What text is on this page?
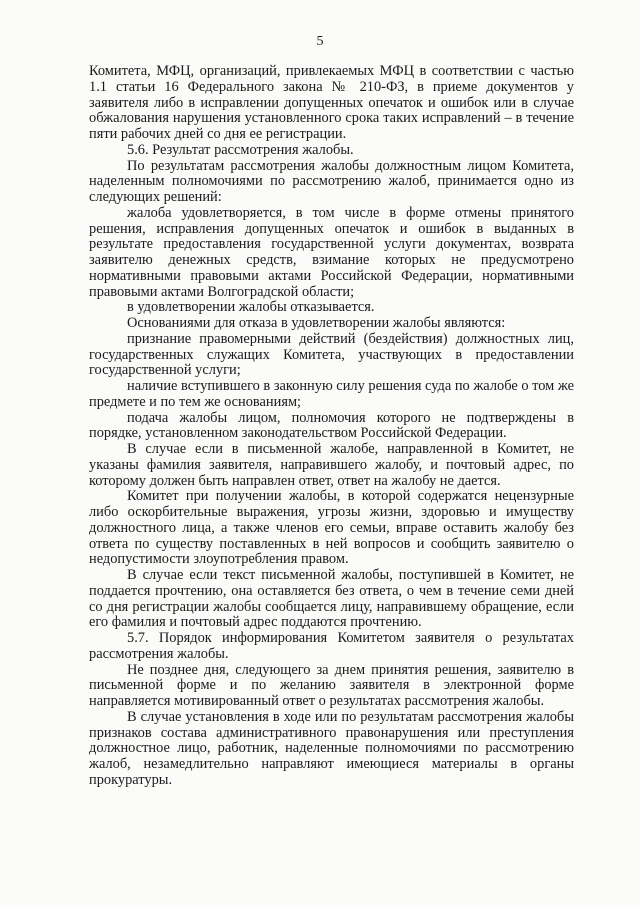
5

Комитета, МФЦ, организаций, привлекаемых МФЦ в соответствии с частью 1.1 статьи 16 Федерального закона № 210-ФЗ, в приеме документов у заявителя либо в исправлении допущенных опечаток и ошибок или в случае обжалования нарушения установленного срока таких исправлений – в течение пяти рабочих дней со дня ее регистрации.

5.6. Результат рассмотрения жалобы.

По результатам рассмотрения жалобы должностным лицом Комитета, наделенным полномочиями по рассмотрению жалоб, принимается одно из следующих решений:

жалоба удовлетворяется, в том числе в форме отмены принятого решения, исправления допущенных опечаток и ошибок в выданных в результате предоставления государственной услуги документах, возврата заявителю денежных средств, взимание которых не предусмотрено нормативными правовыми актами Российской Федерации, нормативными правовыми актами Волгоградской области;

в удовлетворении жалобы отказывается.

Основаниями для отказа в удовлетворении жалобы являются:

признание правомерными действий (бездействия) должностных лиц, государственных служащих Комитета, участвующих в предоставлении государственной услуги;

наличие вступившего в законную силу решения суда по жалобе о том же предмете и по тем же основаниям;

подача жалобы лицом, полномочия которого не подтверждены в порядке, установленном законодательством Российской Федерации.

В случае если в письменной жалобе, направленной в Комитет, не указаны фамилия заявителя, направившего жалобу, и почтовый адрес, по которому должен быть направлен ответ, ответ на жалобу не дается.

Комитет при получении жалобы, в которой содержатся нецензурные либо оскорбительные выражения, угрозы жизни, здоровью и имуществу должностного лица, а также членов его семьи, вправе оставить жалобу без ответа по существу поставленных в ней вопросов и сообщить заявителю о недопустимости злоупотребления правом.

В случае если текст письменной жалобы, поступившей в Комитет, не поддается прочтению, она оставляется без ответа, о чем в течение семи дней со дня регистрации жалобы сообщается лицу, направившему обращение, если его фамилия и почтовый адрес поддаются прочтению.

5.7. Порядок информирования Комитетом заявителя о результатах рассмотрения жалобы.

Не позднее дня, следующего за днем принятия решения, заявителю в письменной форме и по желанию заявителя в электронной форме направляется мотивированный ответ о результатах рассмотрения жалобы.

В случае установления в ходе или по результатам рассмотрения жалобы признаков состава административного правонарушения или преступления должностное лицо, работник, наделенные полномочиями по рассмотрению жалоб, незамедлительно направляют имеющиеся материалы в органы прокуратуры.
